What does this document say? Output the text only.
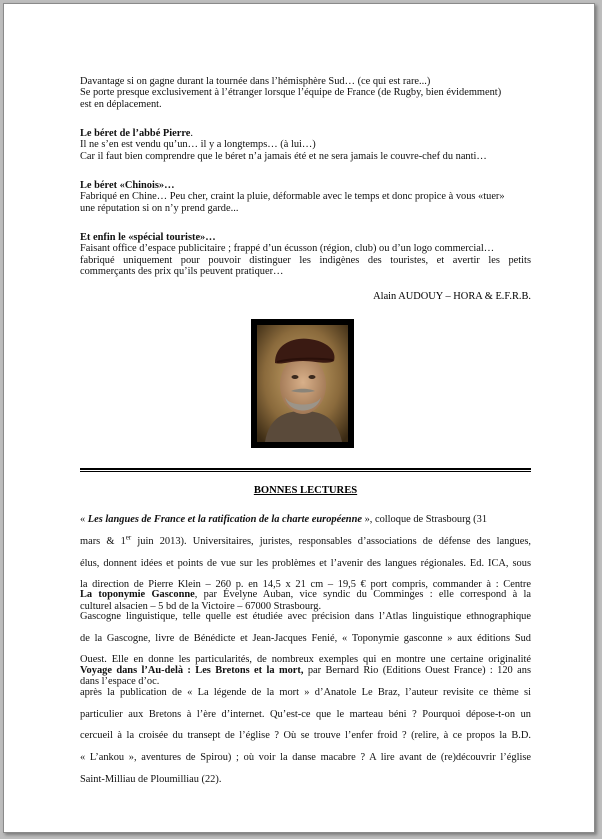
Davantage si on gagne durant la tournée dans l’hémisphère Sud… (ce qui est rare...)

Se porte presque exclusivement à l’étranger lorsque l’équipe de France (de Rugby, bien évidemment)

est en déplacement.

Le béret de l’abbé Pierre.

Il ne s’en est vendu qu’un… il y a longtemps… (à lui…)

Car il faut bien comprendre que le béret n’a jamais été et ne sera jamais le couvre-chef du nanti…

Le béret «Chinois»…

Fabriqué en Chine… Peu cher, craint la pluie, déformable avec le temps et donc propice à vous «tuer»

une réputation si on n’y prend garde...

Et enfin le «spécial touriste»…

Faisant office d’espace publicitaire ; frappé d’un écusson (région, club) ou d’un logo commercial…

fabriqué uniquement pour pouvoir distinguer les indigènes des touristes, et avertir les petits

commerçants des prix qu’ils peuvent pratiquer…

Alain AUDOUY – HORA & E.F.R.B.
BONNES LECTURES

« Les langues de France et la ratification de la charte européenne », colloque de Strasbourg (31

mars & 1er juin 2013). Universitaires, juristes, responsables d’associations de défense des langues,

élus, donnent idées et points de vue sur les problèmes et l’avenir des langues régionales. Ed. ICA, sous

la direction de Pierre Klein – 260 p. en 14,5 x 21 cm – 19,5 € port compris, commander à : Centre

culturel alsacien – 5 bd de la Victoire – 67000 Strasbourg.

La toponymie Gasconne, par Évelyne Auban, vice syndic du Comminges : elle correspond à la

Gascogne linguistique, telle quelle est étudiée avec précision dans l’Atlas linguistique ethnographique

de la Gascogne, livre de Bénédicte et Jean-Jacques Fenié, « Toponymie gasconne » aux éditions Sud

Ouest. Elle en donne les particularités, de nombreux exemples qui en montre une certaine originalité

dans l’espace d’oc.

Voyage dans l’Au-delà : Les Bretons et la mort, par Bernard Rio (Editions Ouest France) : 120 ans

après la publication de « La légende de la mort » d’Anatole Le Braz, l’auteur revisite ce thème si

particulier aux Bretons à l’ère d’internet. Qu’est-ce que le marteau béni ? Pourquoi dépose-t-on un

cercueil à la croisée du transept de l’église ? Où se trouve l’enfer froid ? (relire, à ce propos la B.D.

« L’ankou », aventures de Spirou) ; où voir la danse macabre ? A lire avant de (re)découvrir l’église

Saint-Milliau de Ploumilliau (22).
